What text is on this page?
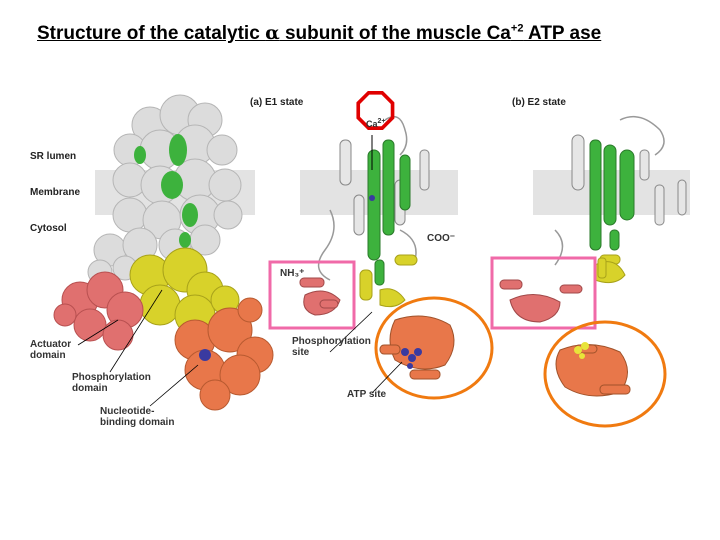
Structure of the catalytic α subunit of the muscle $Ca^{+2}$ ATP ase
(a) E1 state	(b) E2 state
SR lumen
Membrane
Cytosol
Actuator
domain
Phosphorylation
domain
Nucleotide-
binding domain
$Ca^{2+}$
COO⁻
NH₃⁺
Phosphorylation
site
ATP site
